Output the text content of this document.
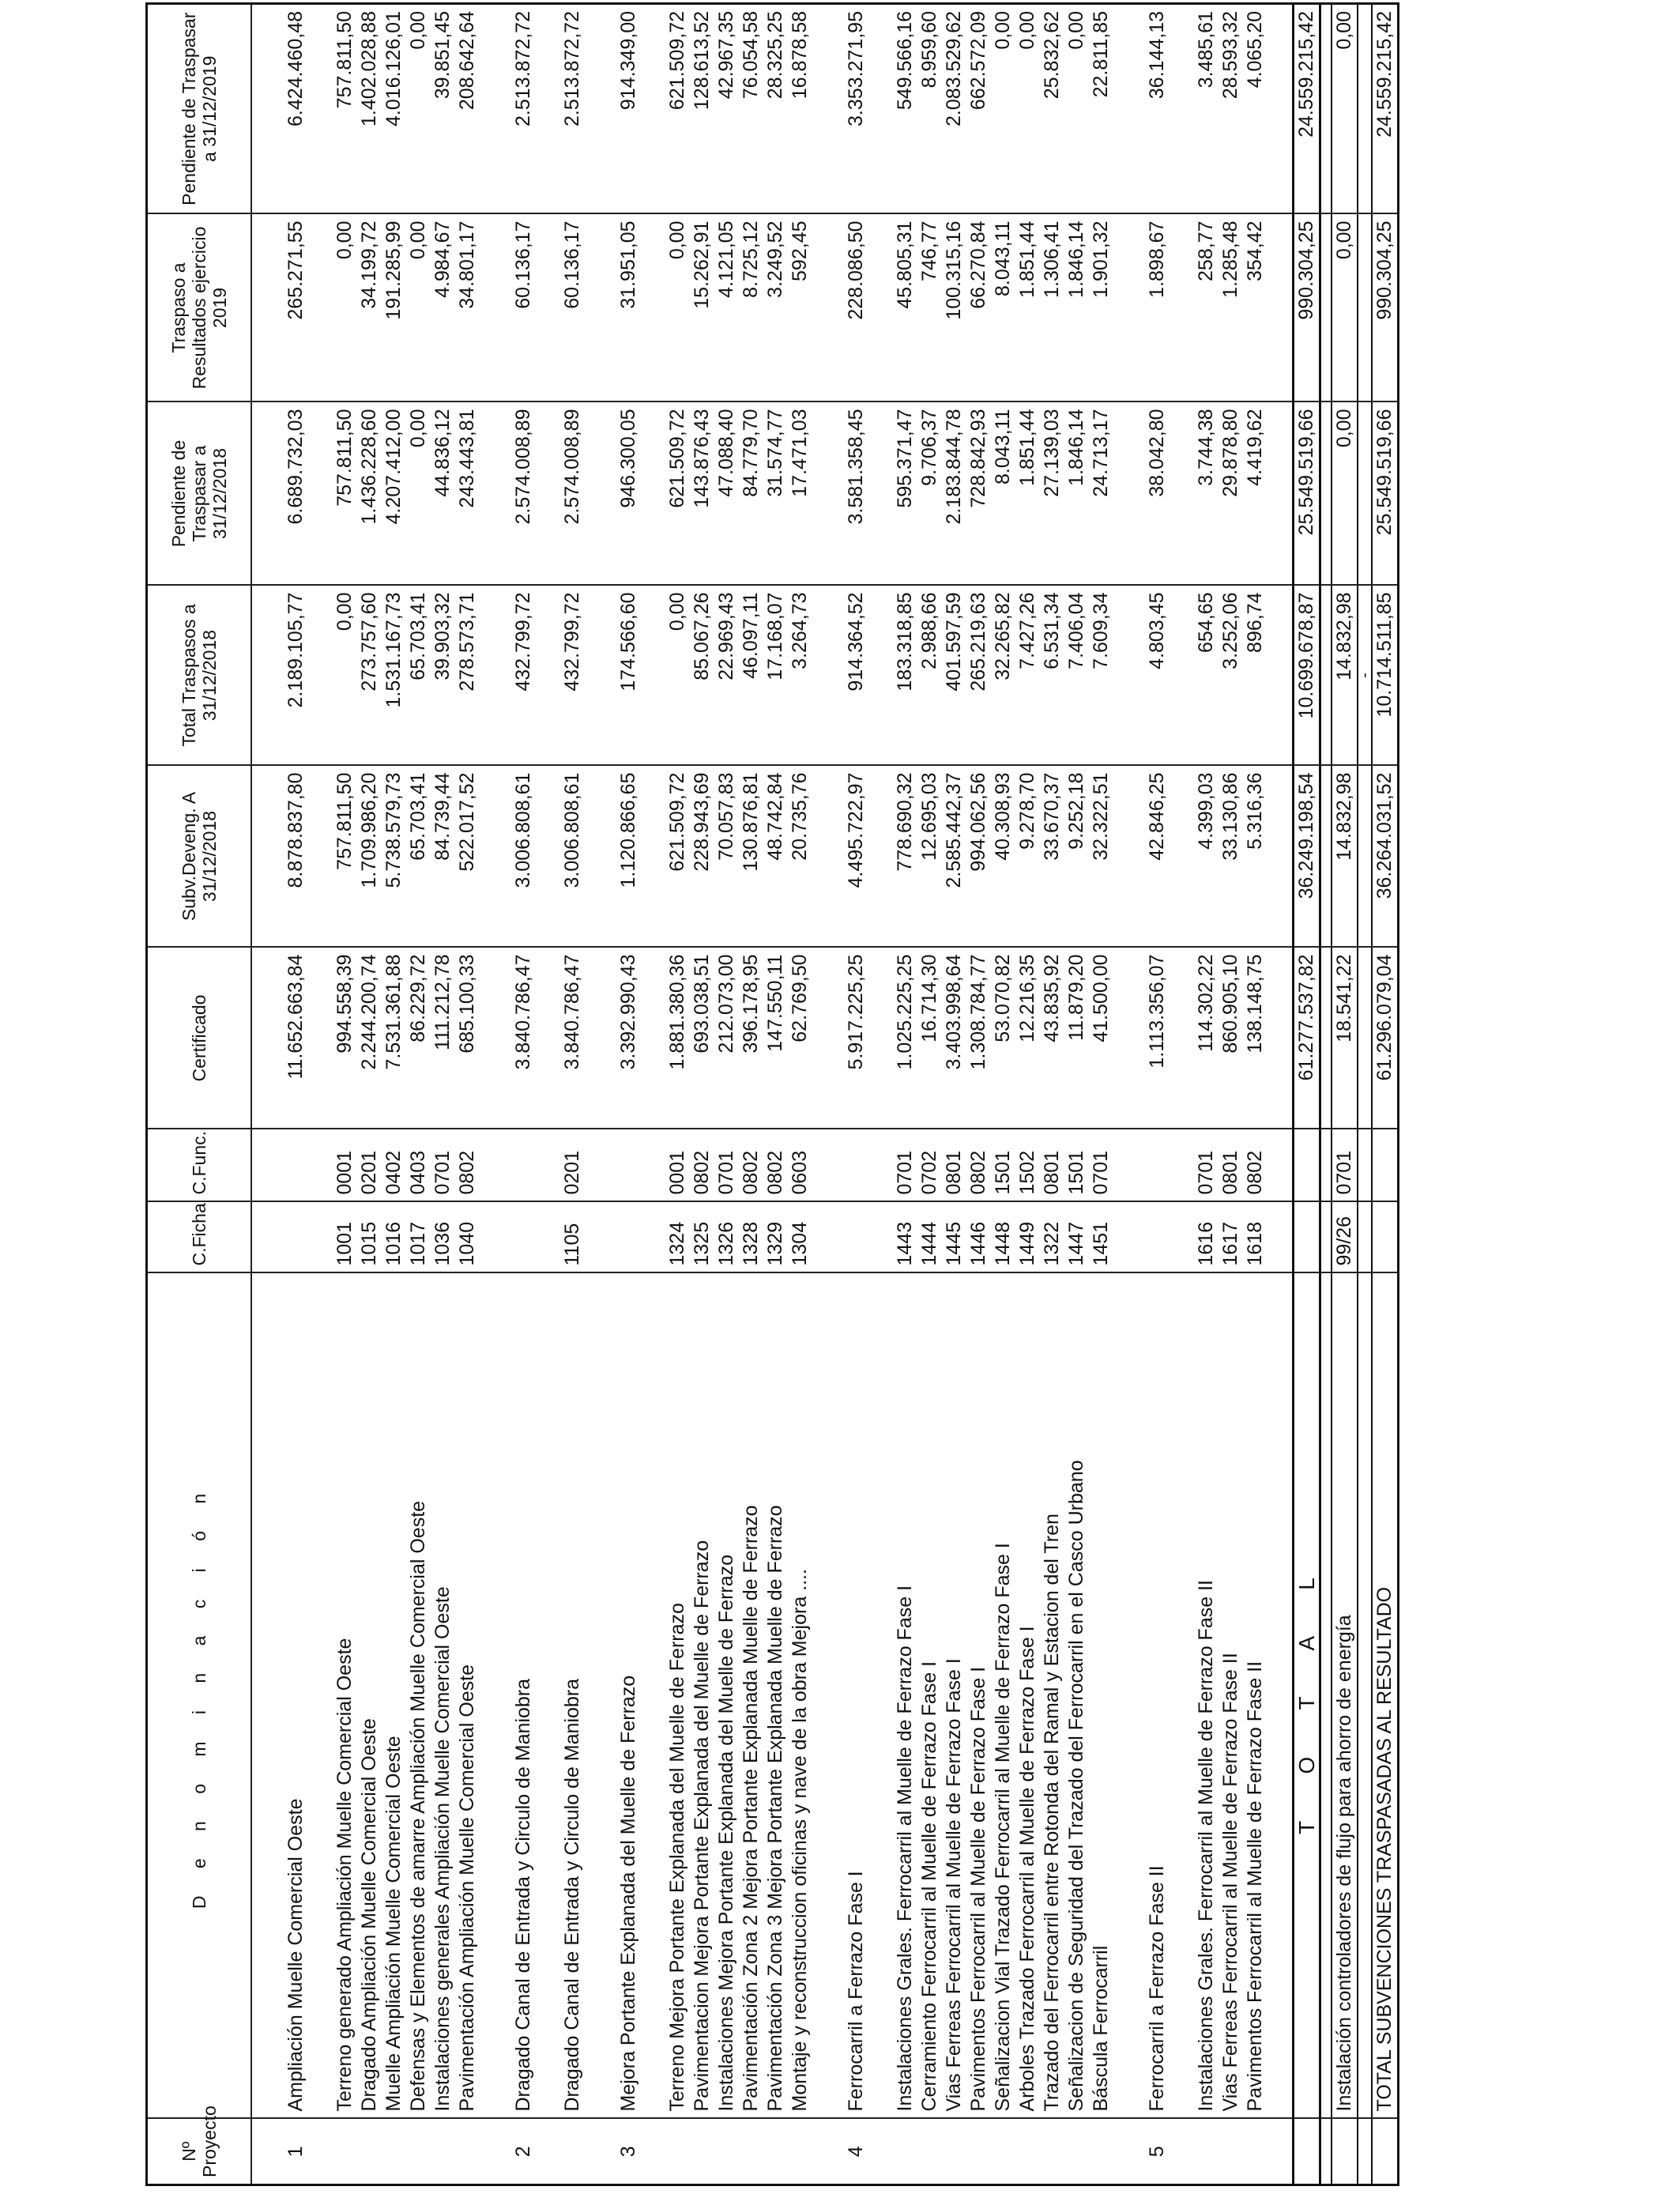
Nº Proyecto	D e n o m i n a c i ó n	C.Ficha	C.Func.	Certificado	Subv.Deveng. A 31/12/2018	Total Traspasos a 31/12/2018	Pendiente de Traspasar a 31/12/2018	Traspaso a Resultados ejercicio 2019	Pendiente de Traspasar a 31/12/2019

1	Ampliación Muelle Comercial Oeste			11.652.663,84	8.878.837,80	2.189.105,77	6.689.732,03	265.271,55	6.424.460,48

	Terreno generado Ampliación Muelle Comercial Oeste	1001	0001	994.558,39	757.811,50	0,00	757.811,50	0,00	757.811,50
	Dragado Ampliación Muelle Comercial Oeste	1015	0201	2.244.200,74	1.709.986,20	273.757,60	1.436.228,60	34.199,72	1.402.028,88
	Muelle Ampliación Muelle Comercial Oeste	1016	0402	7.531.361,88	5.738.579,73	1.531.167,73	4.207.412,00	191.285,99	4.016.126,01
	Defensas y Elementos de amarre Ampliación Muelle Comercial Oeste	1017	0403	86.229,72	65.703,41	65.703,41	0,00	0,00	0,00
	Instalaciones generales Ampliación Muelle Comercial Oeste	1036	0701	111.212,78	84.739,44	39.903,32	44.836,12	4.984,67	39.851,45
	Pavimentación Ampliación Muelle Comercial Oeste	1040	0802	685.100,33	522.017,52	278.573,71	243.443,81	34.801,17	208.642,64

2	Dragado Canal de Entrada y Circulo de Maniobra			3.840.786,47	3.006.808,61	432.799,72	2.574.008,89	60.136,17	2.513.872,72

	Dragado Canal de Entrada y Circulo de Maniobra	1105	0201	3.840.786,47	3.006.808,61	432.799,72	2.574.008,89	60.136,17	2.513.872,72

3	Mejora Portante Explanada del Muelle de Ferrazo			3.392.990,43	1.120.866,65	174.566,60	946.300,05	31.951,05	914.349,00

	Terreno Mejora Portante Explanada del Muelle de Ferrazo	1324	0001	1.881.380,36	621.509,72	0,00	621.509,72	0,00	621.509,72
	Pavimentacion Mejora Portante Explanada del Muelle de Ferrazo	1325	0802	693.038,51	228.943,69	85.067,26	143.876,43	15.262,91	128.613,52
	Instalaciones Mejora Portante Explanada del Muelle de Ferrazo	1326	0701	212.073,00	70.057,83	22.969,43	47.088,40	4.121,05	42.967,35
	Pavimentación Zona 2 Mejora Portante Explanada Muelle de Ferrazo	1328	0802	396.178,95	130.876,81	46.097,11	84.779,70	8.725,12	76.054,58
	Pavimentación Zona 3 Mejora Portante Explanada Muelle de Ferrazo	1329	0802	147.550,11	48.742,84	17.168,07	31.574,77	3.249,52	28.325,25
	Montaje y reconstruccion oficinas y nave de la obra Mejora ....	1304	0603	62.769,50	20.735,76	3.264,73	17.471,03	592,45	16.878,58

4	Ferrocarril a Ferrazo Fase I			5.917.225,25	4.495.722,97	914.364,52	3.581.358,45	228.086,50	3.353.271,95

	Instalaciones Grales. Ferrocarril al Muelle de Ferrazo Fase I	1443	0701	1.025.225,25	778.690,32	183.318,85	595.371,47	45.805,31	549.566,16
	Cerramiento Ferrocarril al Muelle de Ferrazo Fase I	1444	0702	16.714,30	12.695,03	2.988,66	9.706,37	746,77	8.959,60
	Vias Ferreas Ferrocarril al Muelle de Ferrazo Fase I	1445	0801	3.403.998,64	2.585.442,37	401.597,59	2.183.844,78	100.315,16	2.083.529,62
	Pavimentos Ferrocarril al Muelle de Ferrazo Fase I	1446	0802	1.308.784,77	994.062,56	265.219,63	728.842,93	66.270,84	662.572,09
	Señalizacion Vial Trazado Ferrocarril al Muelle de Ferrazo Fase I	1448	1501	53.070,82	40.308,93	32.265,82	8.043,11	8.043,11	0,00
	Arboles Trazado Ferrocarril al Muelle de Ferrazo Fase I	1449	1502	12.216,35	9.278,70	7.427,26	1.851,44	1.851,44	0,00
	Trazado del Ferrocarril entre Rotonda del Ramal y Estacion del Tren	1322	0801	43.835,92	33.670,37	6.531,34	27.139,03	1.306,41	25.832,62
	Señalizacion de Seguridad del Trazado del Ferrocarril en el Casco Urbano	1447	1501	11.879,20	9.252,18	7.406,04	1.846,14	1.846,14	0,00
	Báscula Ferrocarril	1451	0701	41.500,00	32.322,51	7.609,34	24.713,17	1.901,32	22.811,85

5	Ferrocarril a Ferrazo Fase II			1.113.356,07	42.846,25	4.803,45	38.042,80	1.898,67	36.144,13

	Instalaciones Grales. Ferrocarril al Muelle de Ferrazo Fase II	1616	0701	114.302,22	4.399,03	654,65	3.744,38	258,77	3.485,61
	Vias Ferreas Ferrocarril al Muelle de Ferrazo Fase II	1617	0801	860.905,10	33.130,86	3.252,06	29.878,80	1.285,48	28.593,32
	Pavimentos Ferrocarril al Muelle de Ferrazo Fase II	1618	0802	138.148,75	5.316,36	896,74	4.419,62	354,42	4.065,20

	T O T A L			61.277.537,82	36.249.198,54	10.699.678,87	25.549.519,66	990.304,25	24.559.215,42

	Instalación controladores de flujo para ahorro de energía	99/26	0701	18.541,22	14.832,98	14.832,98	0,00	0,00	0,00
						-			
	TOTAL SUBVENCIONES TRASPASADAS AL RESULTADO			61.296.079,04	36.264.031,52	10.714.511,85	25.549.519,66	990.304,25	24.559.215,42
